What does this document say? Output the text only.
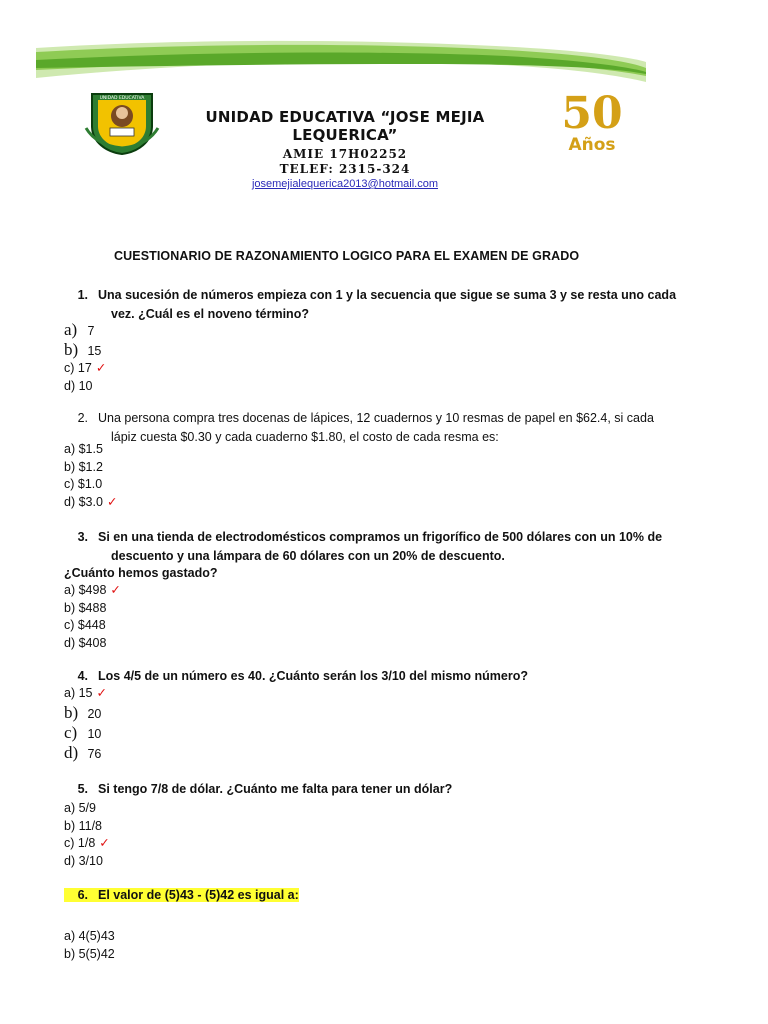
UNIDAD EDUCATIVA
UNIDAD EDUCATIVA “JOSE MEJIA LEQUERICA”
AMIE 17H02252
TELEF: 2315-324
josemejialequerica2013@hotmail.com
50
Años
CUESTIONARIO DE RAZONAMIENTO LOGICO PARA EL EXAMEN DE GRADO
1. Una sucesión de números empieza con 1 y la secuencia que sigue se suma 3 y se resta uno cada
vez. ¿Cuál es el noveno término?
a) 7
b) 15
c) 17 ✓
d) 10
2. Una persona compra tres docenas de lápices, 12 cuadernos y 10 resmas de papel en $62.4, si cada
lápiz cuesta $0.30 y cada cuaderno $1.80, el costo de cada resma es:
a) $1.5
b) $1.2
c) $1.0
d) $3.0 ✓
3. Si en una tienda de electrodomésticos compramos un frigorífico de 500 dólares con un 10% de
descuento y una lámpara de 60 dólares con un 20% de descuento.
¿Cuánto hemos gastado?
a) $498 ✓
b) $488
c) $448
d) $408
4. Los 4/5 de un número es 40. ¿Cuánto serán los 3/10 del mismo número?
a) 15 ✓
b) 20
c) 10
d) 76
5. Si tengo 7/8 de dólar. ¿Cuánto me falta para tener un dólar?
a) 5/9
b) 11/8
c) 1/8 ✓
d) 3/10
6. El valor de (5)43 - (5)42 es igual a:
a) 4(5)43
b) 5(5)42
